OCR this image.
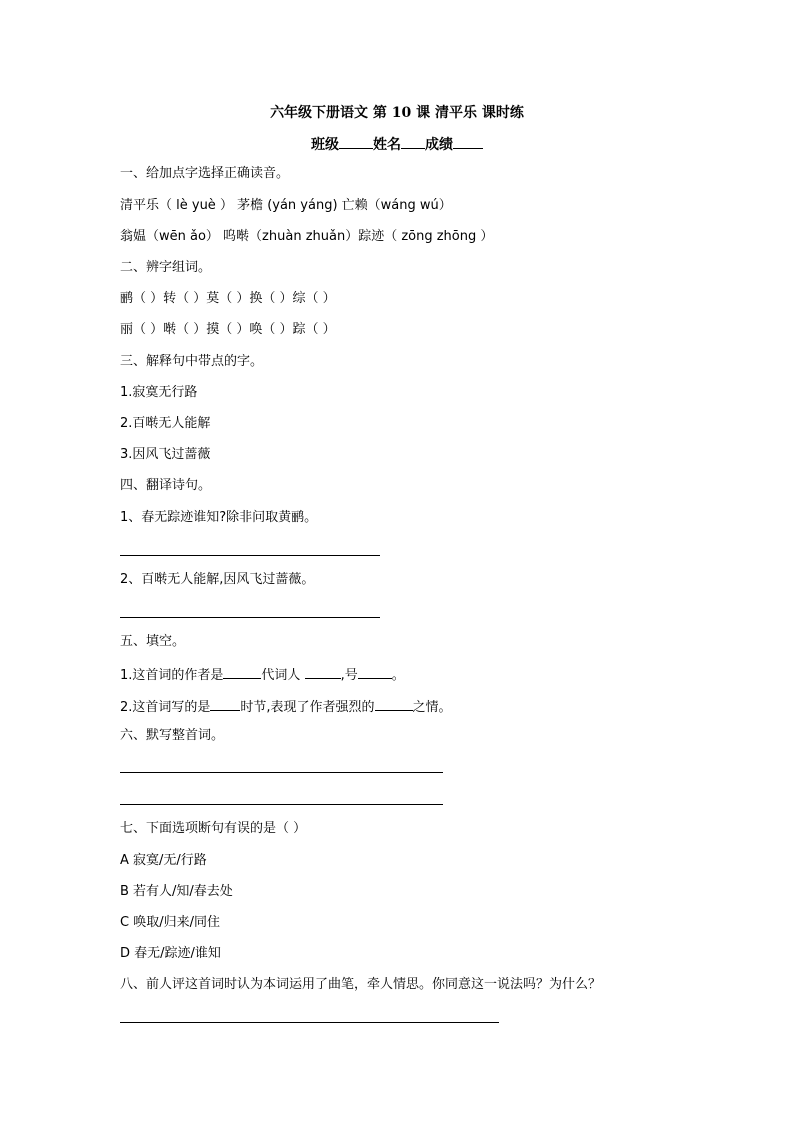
六年级下册语文 第 10 课 清平乐 课时练
班级 姓名 成绩
一、给加点字选择正确读音。
清平乐（ lè yuè ） 茅檐 (yán yáng) 亡赖（wáng wú）
翁媪（wēn ǎo） 呜啭（zhuàn zhuǎn）踪迹（ zōng zhōng ）
二、辨字组词。
鹂（ ）转（ ）莫（ ）换（ ）综（ ）
丽（ ）啭（ ）摸（ ）唤（ ）踪（ ）
三、解释句中带点的字。
1.寂寞无行路
2.百啭无人能解
3.因风飞过蔷薇
四、翻译诗句。
1、春无踪迹谁知?除非问取黄鹂。
2、百啭无人能解,因风飞过蔷薇。
五、填空。
1.这首词的作者是	代词人	,号	。
2.这首词写的是 时节,表现了作者强烈的	之情。
六、默写整首词。
七、下面选项断句有误的是（ ）
A 寂寞/无/行路
B 若有人/知/春去处
C 唤取/归来/同住
D 春无/踪迹/谁知
八、前人评这首词时认为本词运用了曲笔，牵人情思。你同意这一说法吗？为什么？
